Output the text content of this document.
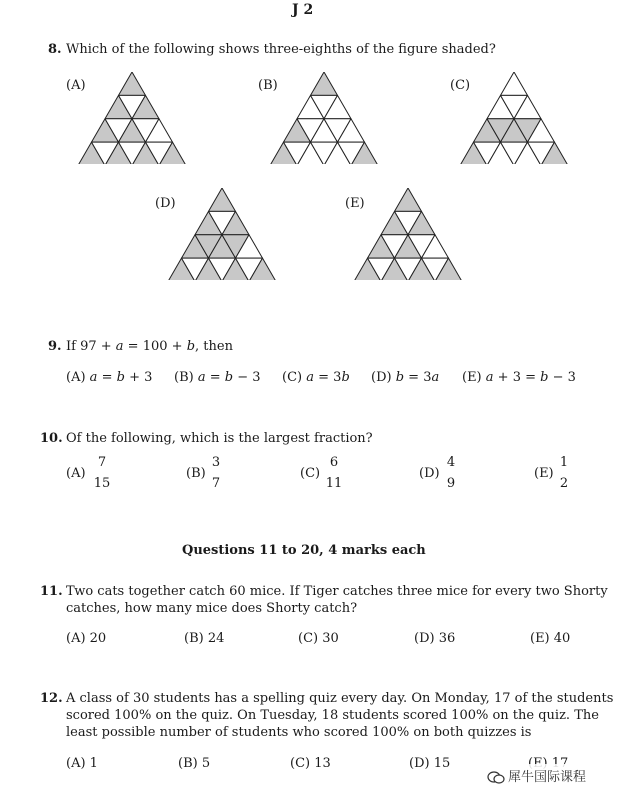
J 2
8. Which of the following shows three-eighths of the figure shaded?
(A)	(B)	(C)
(D)	(E)
9. If 97 + a = 100 + b, then
(A) a = b + 3 (B) a = b − 3 (C) a = 3b (D) b = 3a (E) a + 3 = b − 3
10. Of the following, which is the largest fraction?
(A)
7
15
(B)
3
7
(C)
6
11
(D)
4
9
(E)
1
2
Questions 11 to 20, 4 marks each
11. Two cats together catch 60 mice. If Tiger catches three mice for every two Shorty
catches, how many mice does Shorty catch?
(A) 20	(B) 24	(C) 30	(D) 36	(E) 40
12. A class of 30 students has a spelling quiz every day. On Monday, 17 of the students
scored 100% on the quiz. On Tuesday, 18 students scored 100% on the quiz. The
least possible number of students who scored 100% on both quizzes is
(A) 1	(B) 5	(C) 13	(D) 15
犀牛国际课程
